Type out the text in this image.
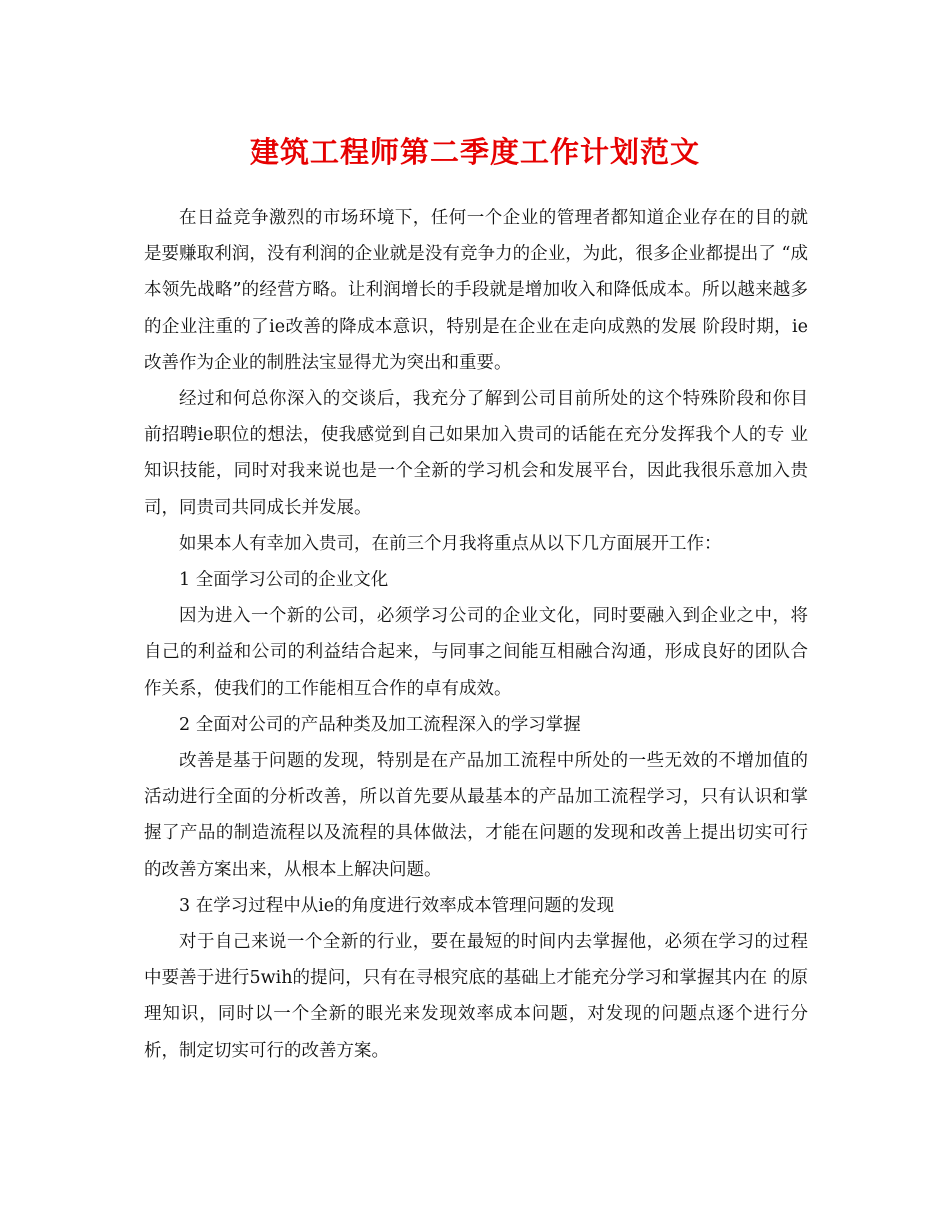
建筑工程师第二季度工作计划范文

在日益竞争激烈的市场环境下，任何一个企业的管理者都知道企业存在的目的就是要赚取利润，没有利润的企业就是没有竞争力的企业，为此，很多企业都提出了 “成本领先战略”的经营方略。让利润增长的手段就是增加收入和降低成本。所以越来越多的企业注重的了ie改善的降成本意识，特别是在企业在走向成熟的发展 阶段时期，ie改善作为企业的制胜法宝显得尤为突出和重要。

经过和何总你深入的交谈后，我充分了解到公司目前所处的这个特殊阶段和你目前招聘ie职位的想法，使我感觉到自己如果加入贵司的话能在充分发挥我个人的专 业知识技能，同时对我来说也是一个全新的学习机会和发展平台，因此我很乐意加入贵司，同贵司共同成长并发展。

如果本人有幸加入贵司，在前三个月我将重点从以下几方面展开工作：

1 全面学习公司的企业文化

因为进入一个新的公司，必须学习公司的企业文化，同时要融入到企业之中，将自己的利益和公司的利益结合起来，与同事之间能互相融合沟通，形成良好的团队合 作关系，使我们的工作能相互合作的卓有成效。

2 全面对公司的产品种类及加工流程深入的学习掌握

改善是基于问题的发现，特别是在产品加工流程中所处的一些无效的不增加值的活动进行全面的分析改善，所以首先要从最基本的产品加工流程学习，只有认识和掌 握了产品的制造流程以及流程的具体做法，才能在问题的发现和改善上提出切实可行的改善方案出来，从根本上解决问题。

3 在学习过程中从ie的角度进行效率成本管理问题的发现

对于自己来说一个全新的行业，要在最短的时间内去掌握他，必须在学习的过程中要善于进行5wih的提问，只有在寻根究底的基础上才能充分学习和掌握其内在 的原理知识，同时以一个全新的眼光来发现效率成本问题，对发现的问题点逐个进行分析，制定切实可行的改善方案。
